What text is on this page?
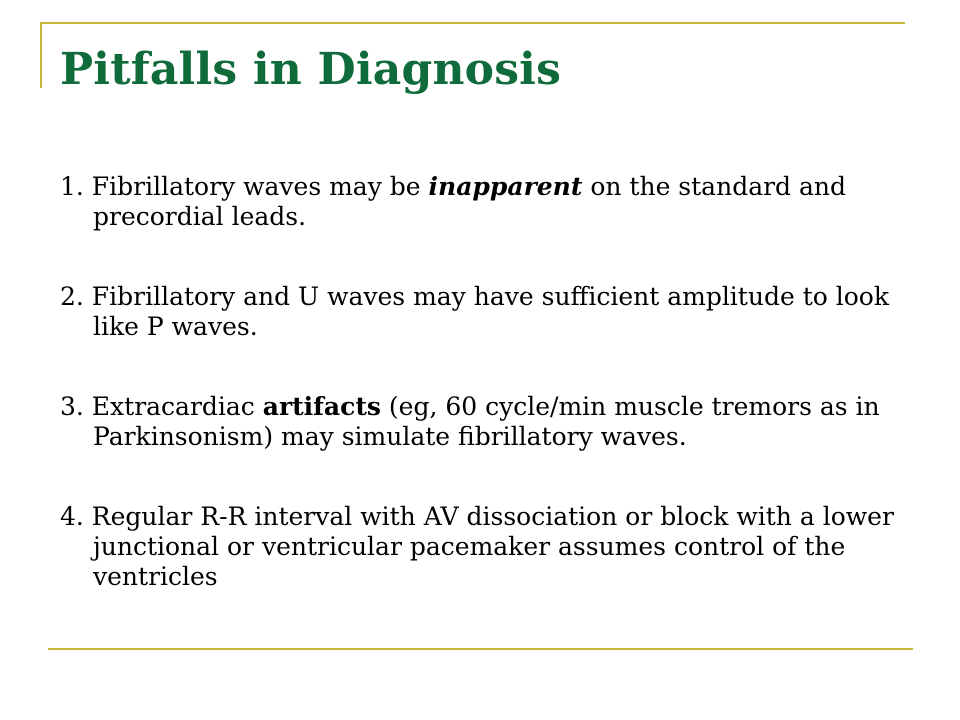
Pitfalls in Diagnosis
1. Fibrillatory waves may be inapparent on the standard and precordial leads.
2. Fibrillatory and U waves may have sufficient amplitude to look like P waves.
3. Extracardiac artifacts (eg, 60 cycle/min muscle tremors as in Parkinsonism) may simulate fibrillatory waves.
4. Regular R-R interval with AV dissociation or block with a lower junctional or ventricular pacemaker assumes control of the ventricles
